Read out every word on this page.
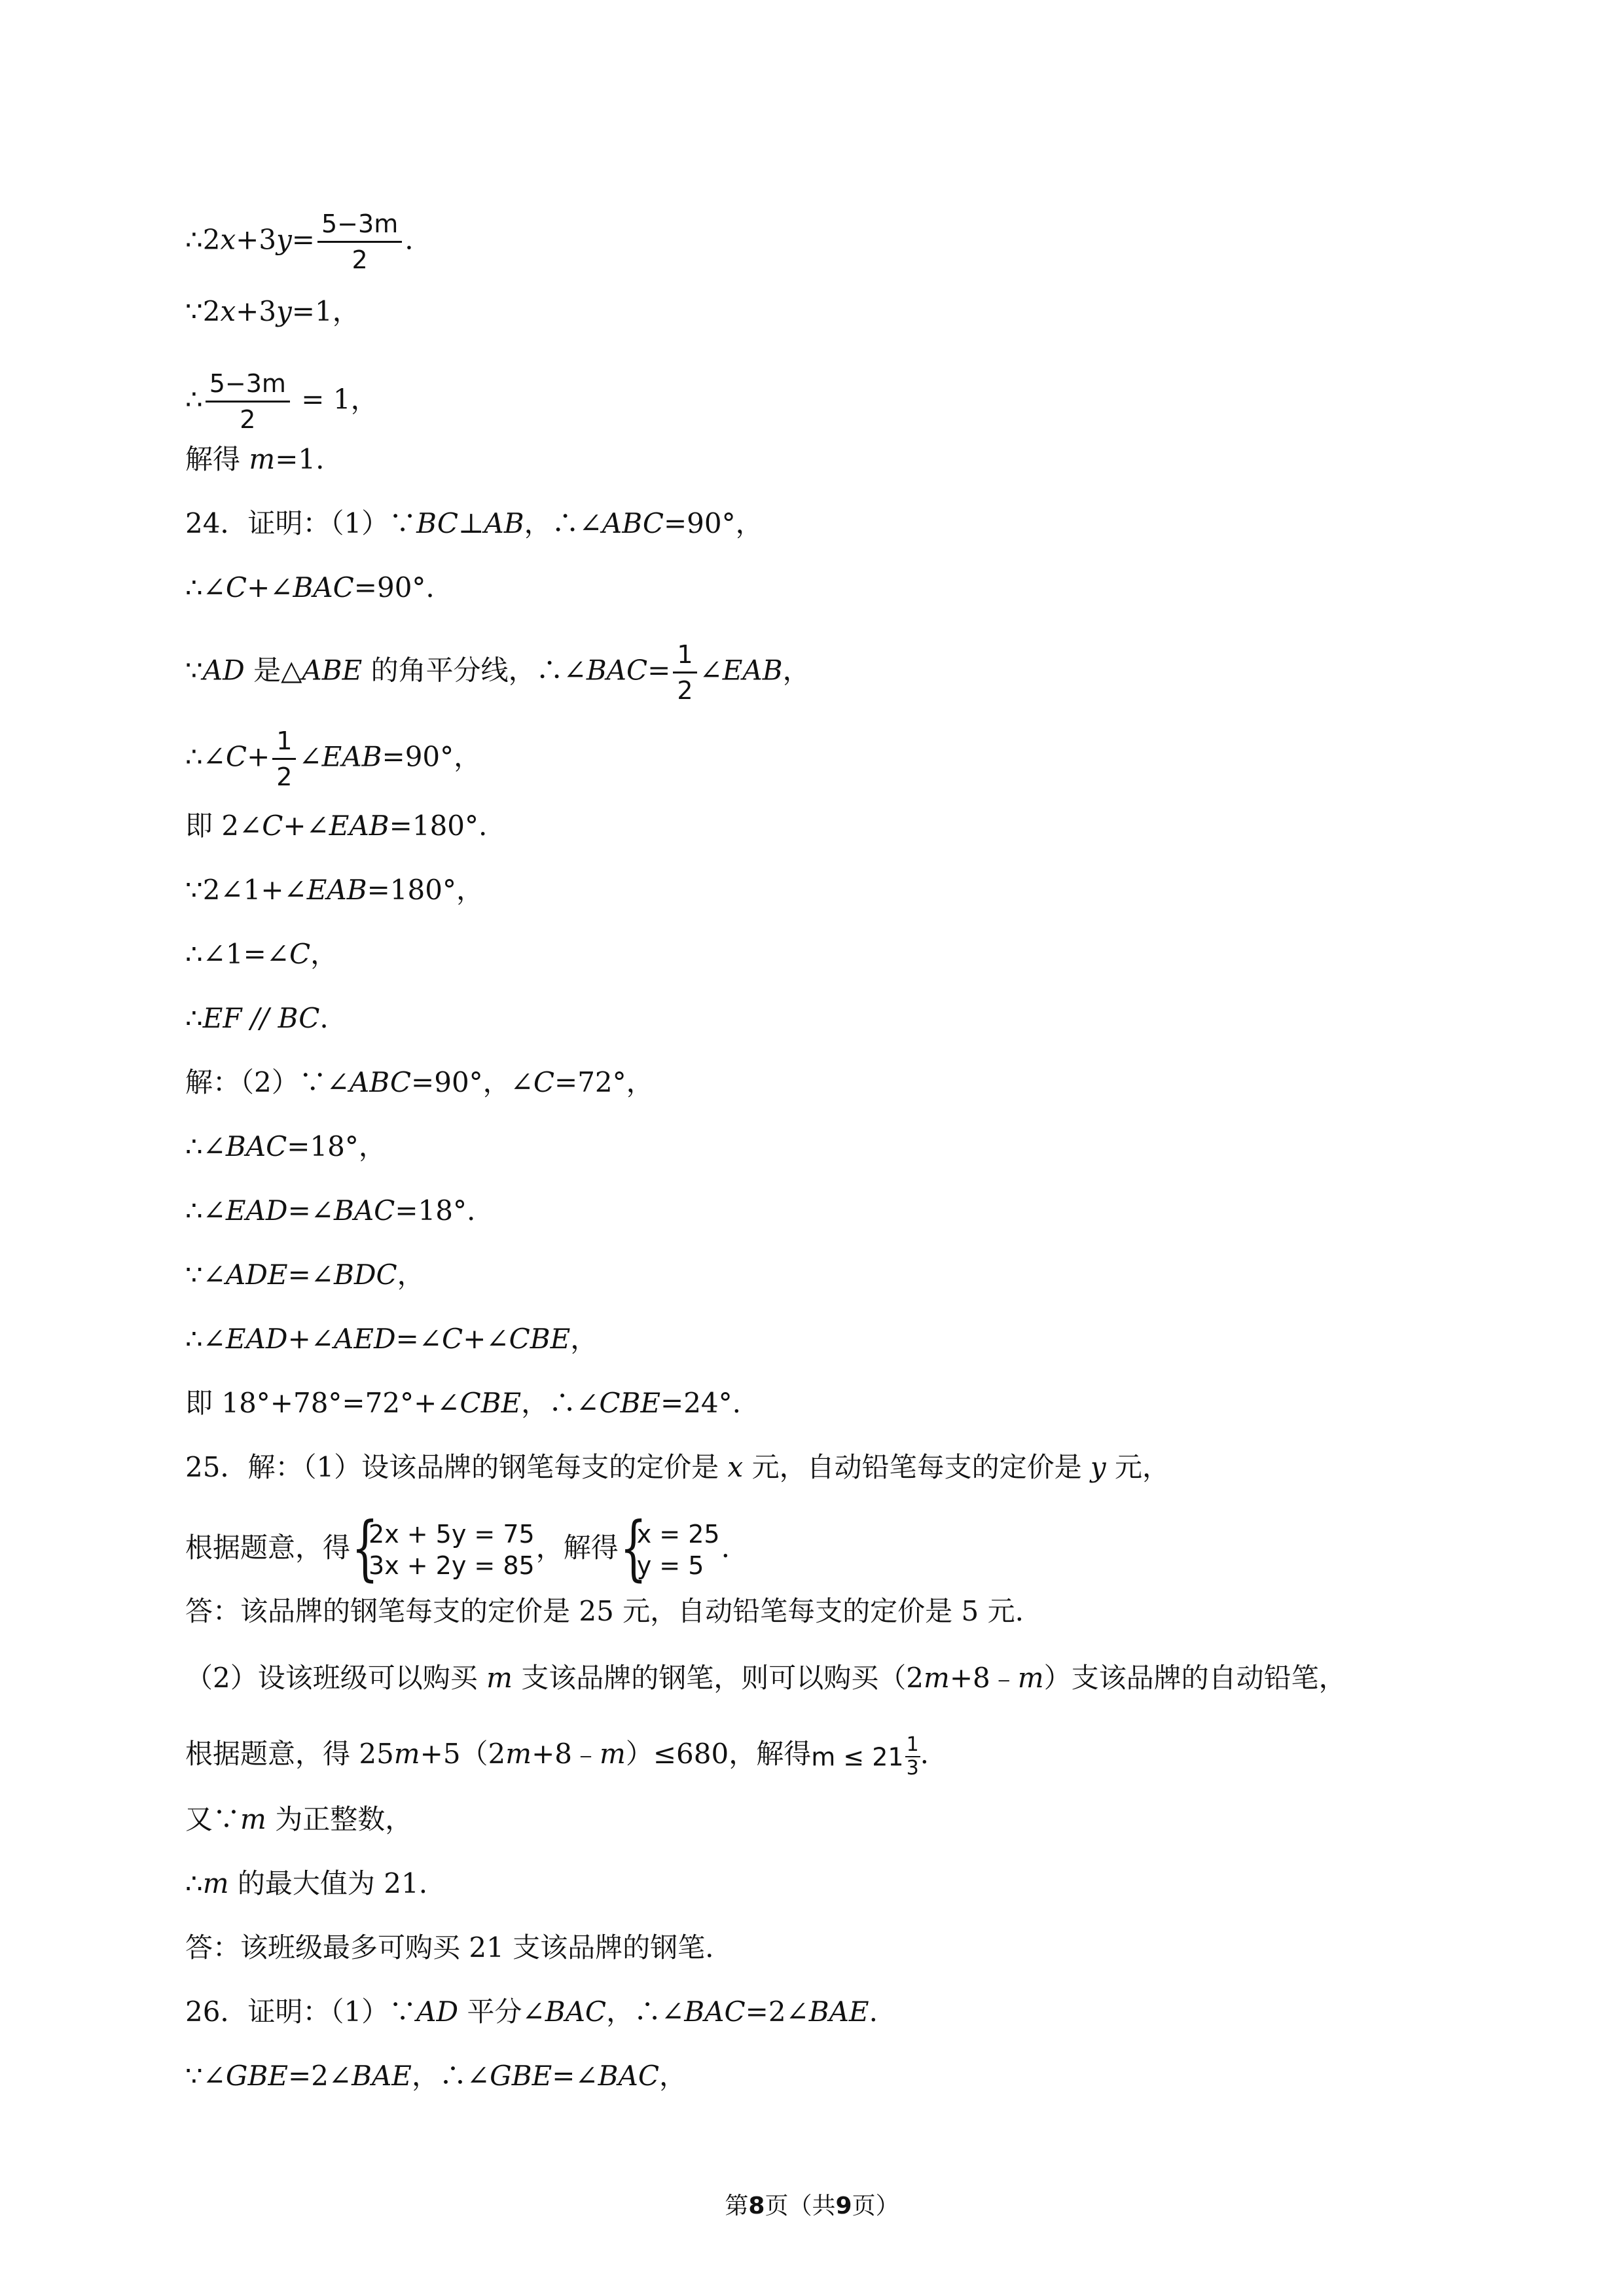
∴2x+3y= $\frac{5-3m}{2}$ .
∵2x+3y=1，
∴ $\frac{5-3m}{2} = 1$，
解得 m=1.
24．证明：（1）∵BC⊥AB，∴∠ABC=90°，
∴∠C+∠BAC=90°.
∵AD 是△ABE 的角平分线，∴∠BAC= $\frac{1}{2}$ ∠EAB，
∴∠C+ $\frac{1}{2}$ ∠EAB=90°，
即 2∠C+∠EAB=180°.
∵2∠1+∠EAB=180°，
∴∠1=∠C，
∴EF // BC.
解：（2）∵∠ABC=90°，∠C=72°，
∴∠BAC=18°，
∴∠EAD=∠BAC=18°.
∵∠ADE=∠BDC，
∴∠EAD+∠AED=∠C+∠CBE，
即 18°+78°=72°+∠CBE，∴∠CBE=24°.
25．解：（1）设该品牌的钢笔每支的定价是 x 元，自动铅笔每支的定价是 y 元，
根据题意，得 {
2x + 5y = 75
3x + 2y = 85
，解得 {
x = 25
y = 5
.
答：该品牌的钢笔每支的定价是 25 元，自动铅笔每支的定价是 5 元.
（2）设该班级可以购买 m 支该品牌的钢笔，则可以购买（2m+8﹣m）支该品牌的自动铅笔，
根据题意，得 25m+5（2m+8﹣m）≤680，解得$m \le 21 \frac{1}{3}$ .
又∵m 为正整数，
∴m 的最大值为 21.
答：该班级最多可购买 21 支该品牌的钢笔.
26．证明：（1）∵AD 平分∠BAC，∴∠BAC=2∠BAE.
∵∠GBE=2∠BAE，∴∠GBE=∠BAC，
第8页（共9页）
